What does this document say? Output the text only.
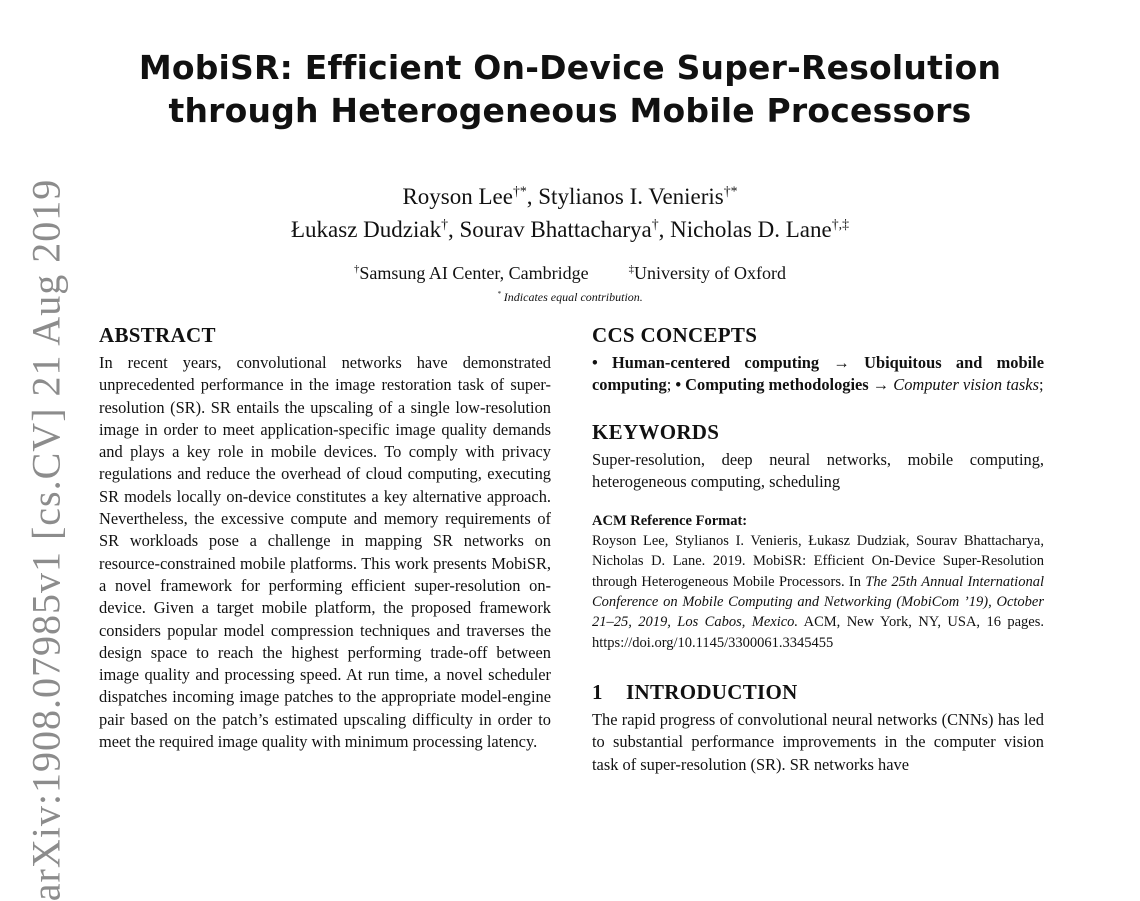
arXiv:1908.07985v1 [cs.CV] 21 Aug 2019
MobiSR: Efficient On-Device Super-Resolution
through Heterogeneous Mobile Processors
Royson Lee†*, Stylianos I. Venieris†*
Łukasz Dudziak†, Sourav Bhattacharya†, Nicholas D. Lane†,‡
†Samsung AI Center, Cambridge	‡University of Oxford
* Indicates equal contribution.
ABSTRACT

In recent years, convolutional networks have demonstrated unprecedented performance in the image restoration task of super-resolution (SR). SR entails the upscaling of a single low-resolution image in order to meet application-specific image quality demands and plays a key role in mobile devices. To comply with privacy regulations and reduce the overhead of cloud computing, executing SR models locally on-device constitutes a key alternative approach. Nevertheless, the excessive compute and memory requirements of SR workloads pose a challenge in mapping SR networks on resource-constrained mobile platforms. This work presents MobiSR, a novel framework for performing efficient super-resolution on-device. Given a target mobile platform, the proposed framework considers popular model compression techniques and traverses the design space to reach the highest performing trade-off between image quality and processing speed. At run time, a novel scheduler dispatches incoming image patches to the appropriate model-engine pair based on the patch’s estimated upscaling difficulty in order to meet the required image quality with minimum processing latency.

CCS CONCEPTS

• Human-centered computing → Ubiquitous and mobile computing; • Computing methodologies → Computer vision tasks;

KEYWORDS

Super-resolution, deep neural networks, mobile computing, heterogeneous computing, scheduling

ACM Reference Format:

Royson Lee, Stylianos I. Venieris, Łukasz Dudziak, Sourav Bhattacharya, Nicholas D. Lane. 2019. MobiSR: Efficient On-Device Super-Resolution through Heterogeneous Mobile Processors. In The 25th Annual International Conference on Mobile Computing and Networking (MobiCom ’19), October 21–25, 2019, Los Cabos, Mexico. ACM, New York, NY, USA, 16 pages. https://doi.org/10.1145/3300061.3345455

1 INTRODUCTION

The rapid progress of convolutional neural networks (CNNs) has led to substantial performance improvements in the computer vision task of super-resolution (SR). SR networks have
